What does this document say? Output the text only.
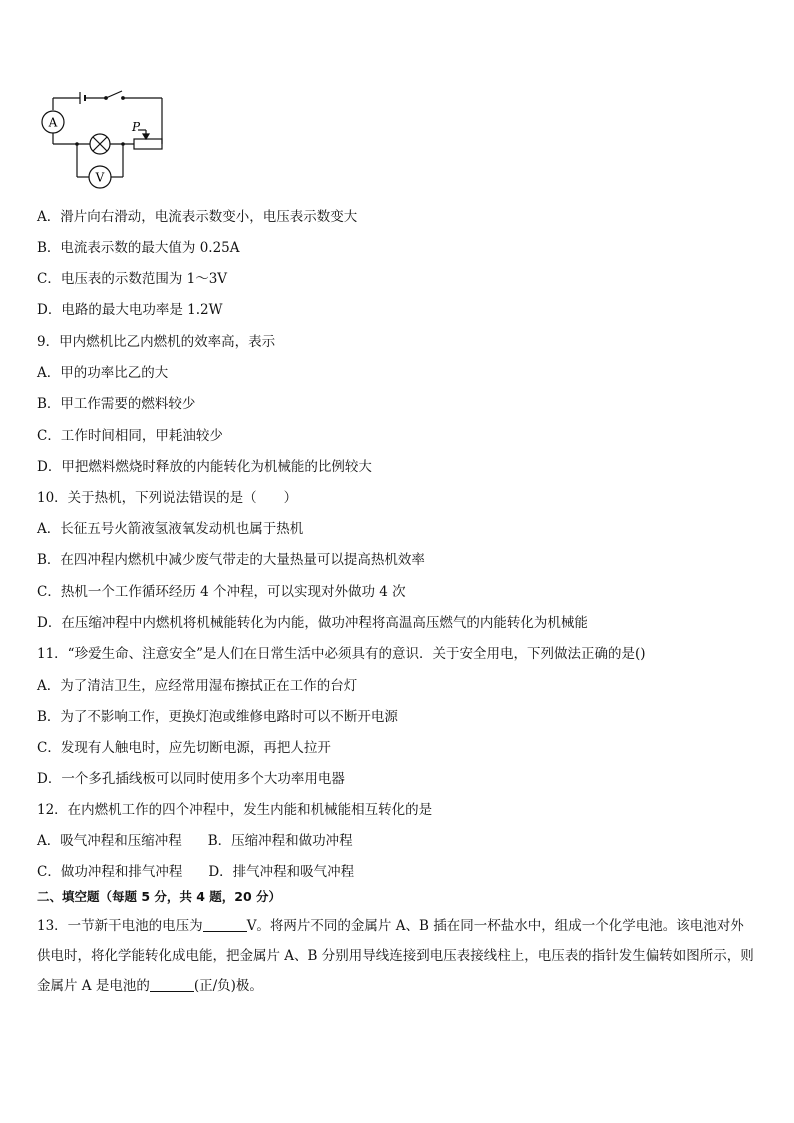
A
V
P
A．滑片向右滑动，电流表示数变小，电压表示数变大
B．电流表示数的最大值为 0.25A
C．电压表的示数范围为 1～3V
D．电路的最大电功率是 1.2W
9．甲内燃机比乙内燃机的效率高，表示
A．甲的功率比乙的大
B．甲工作需要的燃料较少
C．工作时间相同，甲耗油较少
D．甲把燃料燃烧时释放的内能转化为机械能的比例较大
10．关于热机，下列说法错误的是（　　）
A．长征五号火箭液氢液氧发动机也属于热机
B．在四冲程内燃机中减少废气带走的大量热量可以提高热机效率
C．热机一个工作循环经历 4 个冲程，可以实现对外做功 4 次
D．在压缩冲程中内燃机将机械能转化为内能，做功冲程将高温高压燃气的内能转化为机械能
11．“珍爱生命、注意安全”是人们在日常生活中必须具有的意识．关于安全用电，下列做法正确的是()
A．为了清洁卫生，应经常用湿布擦拭正在工作的台灯
B．为了不影响工作，更换灯泡或维修电路时可以不断开电源
C．发现有人触电时，应先切断电源，再把人拉开
D．一个多孔插线板可以同时使用多个大功率用电器
12．在内燃机工作的四个冲程中，发生内能和机械能相互转化的是
A．吸气冲程和压缩冲程 B．压缩冲程和做功冲程
C．做功冲程和排气冲程 D．排气冲程和吸气冲程
二、填空题（每题 5 分，共 4 题，20 分）
13．一节新干电池的电压为	V。将两片不同的金属片 A、B 插在同一杯盐水中，组成一个化学电池。该电池对外供电时，将化学能转化成电能，把金属片 A、B 分别用导线连接到电压表接线柱上，电压表的指针发生偏转如图所示，则金属片 A 是电池的	(正/负)极。
